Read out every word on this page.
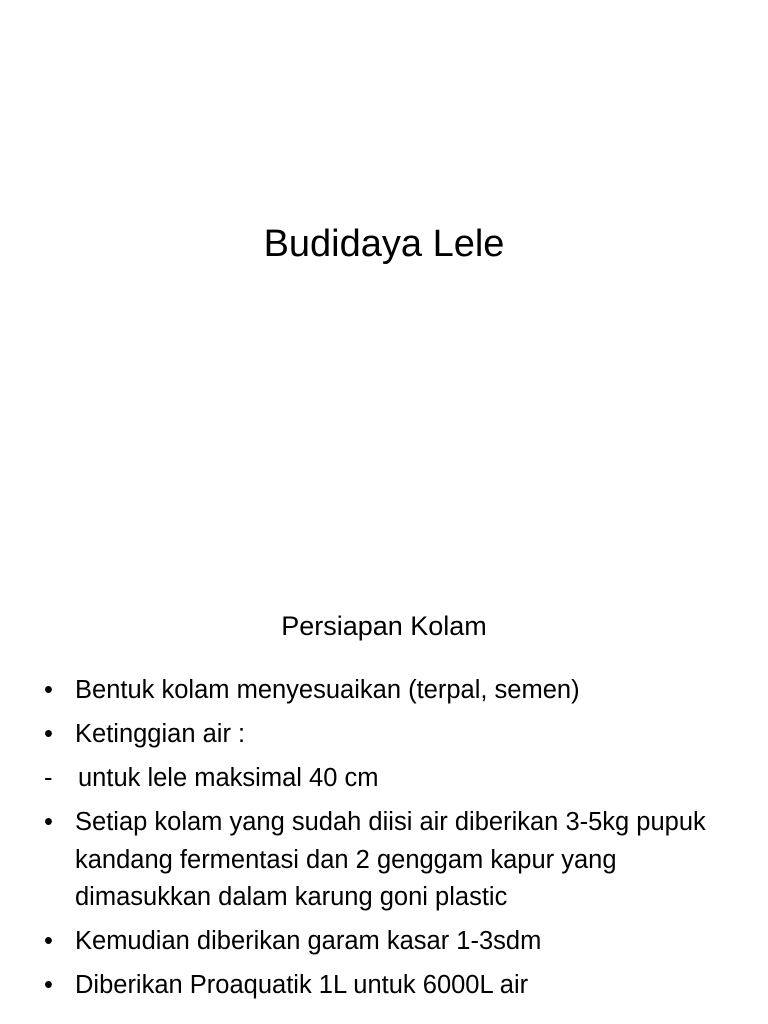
Budidaya Lele
Persiapan Kolam
• Bentuk kolam menyesuaikan (terpal, semen)
• Ketinggian air :
-	untuk lele maksimal 40 cm
• Setiap kolam yang sudah diisi air diberikan 3-5kg pupuk kandang fermentasi dan 2 genggam kapur yang dimasukkan dalam karung goni plastic
• Kemudian diberikan garam kasar 1-3sdm
• Diberikan Proaquatik 1L untuk 6000L air
